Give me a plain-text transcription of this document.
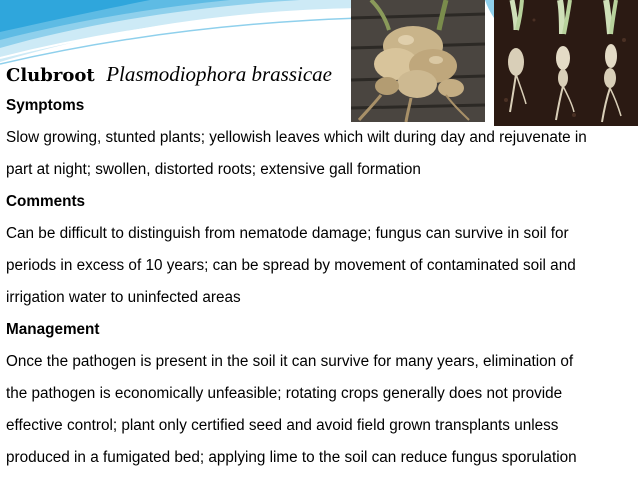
Clubroot Plasmodiophora brassicae
Symptoms
Slow growing, stunted plants; yellowish leaves which wilt during day and rejuvenate in
part at night; swollen, distorted roots; extensive gall formation
Comments
Can be difficult to distinguish from nematode damage; fungus can survive in soil for
periods in excess of 10 years; can be spread by movement of contaminated soil and
irrigation water to uninfected areas
Management
Once the pathogen is present in the soil it can survive for many years, elimination of
the pathogen is economically unfeasible; rotating crops generally does not provide
effective control; plant only certified seed and avoid field grown transplants unless
produced in a fumigated bed; applying lime to the soil can reduce fungus sporulation
